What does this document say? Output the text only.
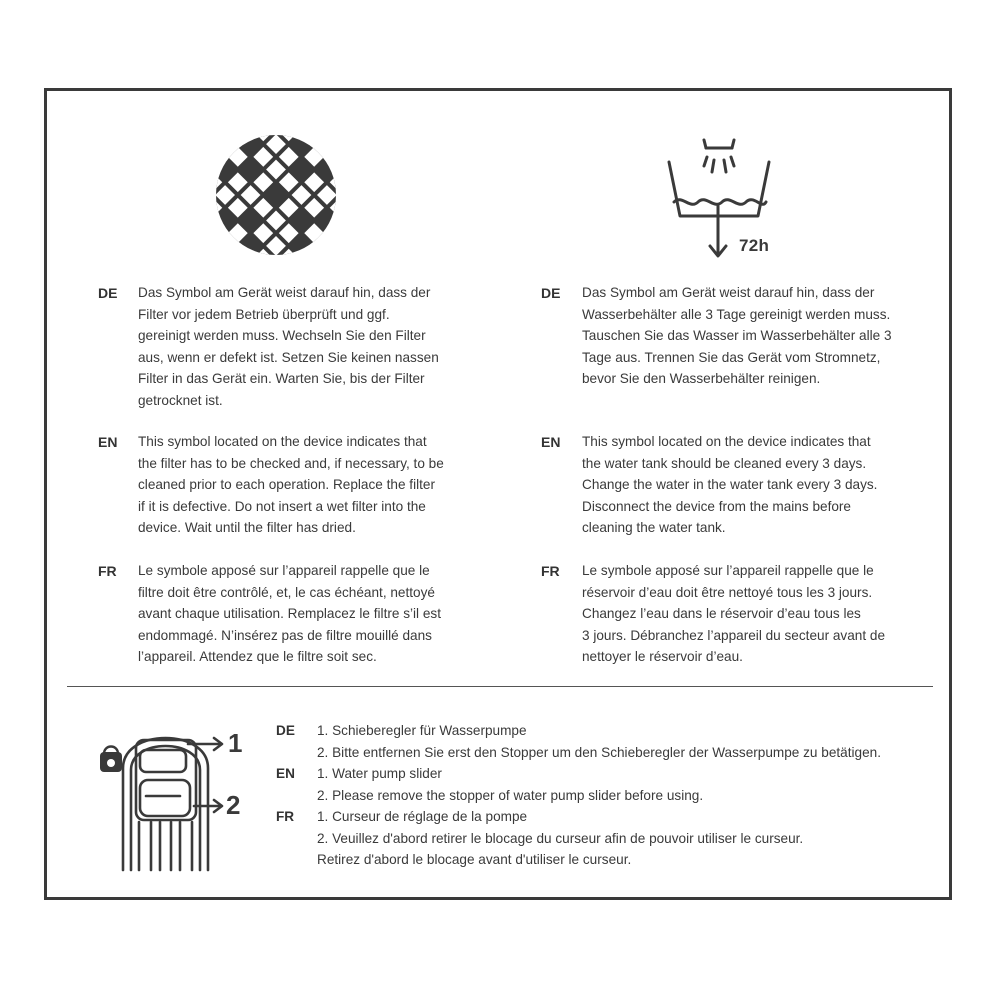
72h
DE Das Symbol am Gerät weist darauf hin, dass der
Filter vor jedem Betrieb überprüft und ggf.
gereinigt werden muss. Wechseln Sie den Filter
aus, wenn er defekt ist. Setzen Sie keinen nassen
Filter in das Gerät ein. Warten Sie, bis der Filter
getrocknet ist.
EN This symbol located on the device indicates that
the filter has to be checked and, if necessary, to be
cleaned prior to each operation. Replace the filter
if it is defective. Do not insert a wet filter into the
device. Wait until the filter has dried.
FR Le symbole apposé sur l’appareil rappelle que le
filtre doit être contrôlé, et, le cas échéant, nettoyé
avant chaque utilisation. Remplacez le filtre s’il est
endommagé. N’insérez pas de filtre mouillé dans
l’appareil. Attendez que le filtre soit sec.
DE Das Symbol am Gerät weist darauf hin, dass der
Wasserbehälter alle 3 Tage gereinigt werden muss.
Tauschen Sie das Wasser im Wasserbehälter alle 3
Tage aus. Trennen Sie das Gerät vom Stromnetz,
bevor Sie den Wasserbehälter reinigen.
EN This symbol located on the device indicates that
the water tank should be cleaned every 3 days.
Change the water in the water tank every 3 days.
Disconnect the device from the mains before
cleaning the water tank.
FR Le symbole apposé sur l’appareil rappelle que le
réservoir d’eau doit être nettoyé tous les 3 jours.
Changez l’eau dans le réservoir d’eau tous les
3 jours. Débranchez l’appareil du secteur avant de
nettoyer le réservoir d’eau.
1
2
DE 1. Schieberegler für Wasserpumpe
2. Bitte entfernen Sie erst den Stopper um den Schieberegler der Wasserpumpe zu betätigen.
EN 1. Water pump slider
2. Please remove the stopper of water pump slider before using.
FR 1. Curseur de réglage de la pompe
2. Veuillez d'abord retirer le blocage du curseur afin de pouvoir utiliser le curseur.
Retirez d'abord le blocage avant d'utiliser le curseur.
